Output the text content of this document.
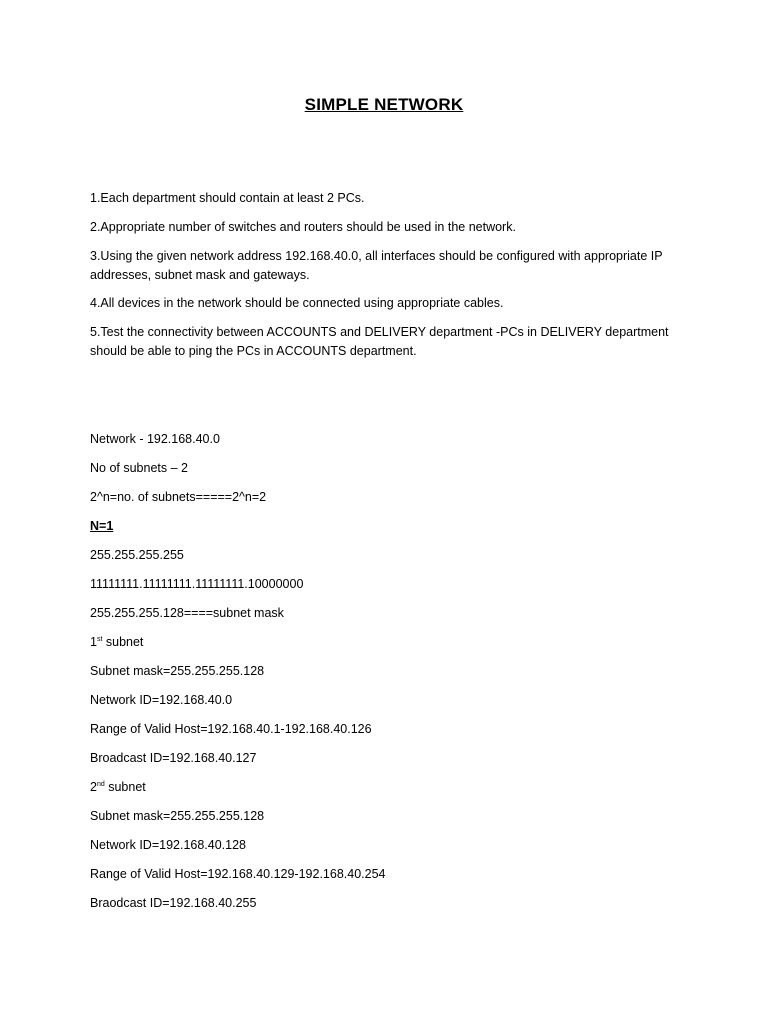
SIMPLE NETWORK

1.Each department should contain at least 2 PCs.

2.Appropriate number of switches and routers should be used in the network.

3.Using the given network address 192.168.40.0, all interfaces should be configured with appropriate IP addresses, subnet mask and gateways.

4.All devices in the network should be connected using appropriate cables.

5.Test the connectivity between ACCOUNTS and DELIVERY department -PCs in DELIVERY department should be able to ping the PCs in ACCOUNTS department.

Network - 192.168.40.0

No of subnets – 2

2^n=no. of subnets=====2^n=2

N=1

255.255.255.255

11111111.11111111.11111111.10000000

255.255.255.128====subnet mask

1st subnet

Subnet mask=255.255.255.128

Network ID=192.168.40.0

Range of Valid Host=192.168.40.1-192.168.40.126

Broadcast ID=192.168.40.127

2nd subnet

Subnet mask=255.255.255.128

Network ID=192.168.40.128

Range of Valid Host=192.168.40.129-192.168.40.254

Braodcast ID=192.168.40.255
